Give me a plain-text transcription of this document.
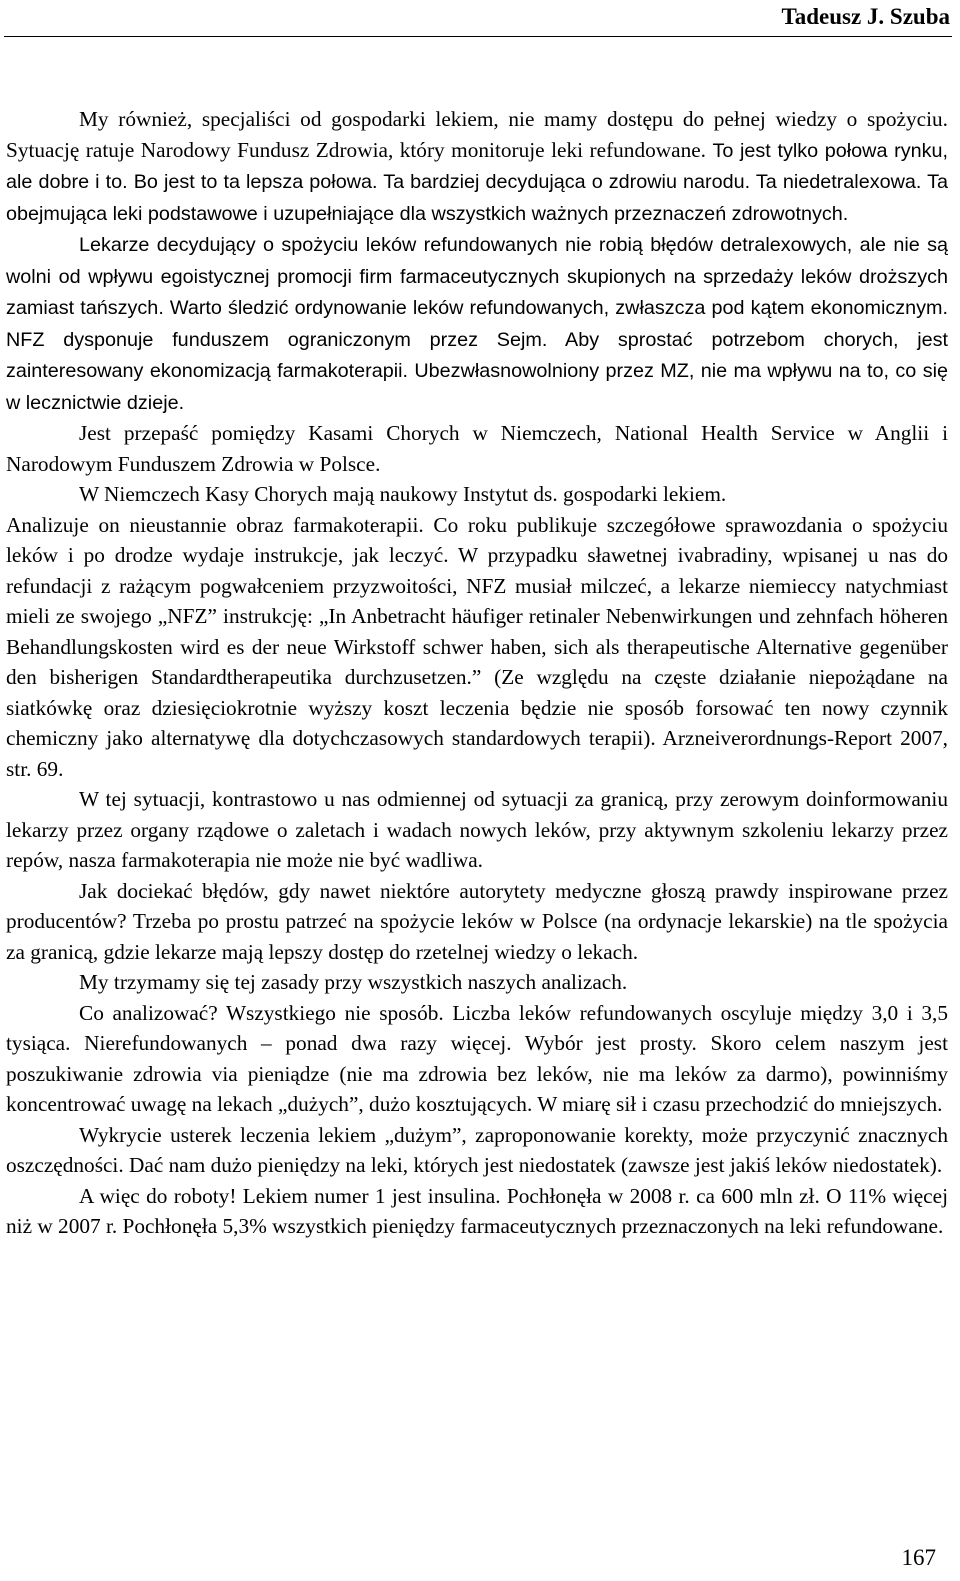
Tadeusz J. Szuba

My również, specjaliści od gospodarki lekiem, nie mamy dostępu do pełnej wiedzy o spożyciu. Sytuację ratuje Narodowy Fundusz Zdrowia, który monitoruje leki refundowane. To jest tylko połowa rynku, ale dobre i to. Bo jest to ta lepsza połowa. Ta bardziej decydująca o zdrowiu narodu. Ta niedetralexowa. Ta obejmująca leki podstawowe i uzupełniające dla wszystkich ważnych przeznaczeń zdrowotnych.

Lekarze decydujący o spożyciu leków refundowanych nie robią błędów detralexowych, ale nie są wolni od wpływu egoistycznej promocji firm farmaceutycznych skupionych na sprzedaży leków droższych zamiast tańszych. Warto śledzić ordynowanie leków refundowanych, zwłaszcza pod kątem ekonomicznym. NFZ dysponuje funduszem ograniczonym przez Sejm. Aby sprostać potrzebom chorych, jest zainteresowany ekonomizacją farmakoterapii. Ubezwłasnowolniony przez MZ, nie ma wpływu na to, co się w lecznictwie dzieje.

Jest przepaść pomiędzy Kasami Chorych w Niemczech, National Health Service w Anglii i Narodowym Funduszem Zdrowia w Polsce.

W Niemczech Kasy Chorych mają naukowy Instytut ds. gospodarki lekiem.

Analizuje on nieustannie obraz farmakoterapii. Co roku publikuje szczegółowe sprawozdania o spożyciu leków i po drodze wydaje instrukcje, jak leczyć. W przypadku sławetnej ivabradiny, wpisanej u nas do refundacji z rażącym pogwałceniem przyzwoitości, NFZ musiał milczeć, a lekarze niemieccy natychmiast mieli ze swojego „NFZ” instrukcję: „In Anbetracht häufiger retinaler Nebenwirkungen und zehnfach höheren Behandlungskosten wird es der neue Wirkstoff schwer haben, sich als therapeutische Alternative gegenüber den bisherigen Standardtherapeutika durchzusetzen.” (Ze względu na częste działanie niepożądane na siatkówkę oraz dziesięciokrotnie wyższy koszt leczenia będzie nie sposób forsować ten nowy czynnik chemiczny jako alternatywę dla dotychczasowych standardowych terapii). Arzneiverordnungs-Report 2007, str. 69.

W tej sytuacji, kontrastowo u nas odmiennej od sytuacji za granicą, przy zerowym doinformowaniu lekarzy przez organy rządowe o zaletach i wadach nowych leków, przy aktywnym szkoleniu lekarzy przez repów, nasza farmakoterapia nie może nie być wadliwa.

Jak dociekać błędów, gdy nawet niektóre autorytety medyczne głoszą prawdy inspirowane przez producentów? Trzeba po prostu patrzeć na spożycie leków w Polsce (na ordynacje lekarskie) na tle spożycia za granicą, gdzie lekarze mają lepszy dostęp do rzetelnej wiedzy o lekach.

My trzymamy się tej zasady przy wszystkich naszych analizach.

Co analizować? Wszystkiego nie sposób. Liczba leków refundowanych oscyluje między 3,0 i 3,5 tysiąca. Nierefundowanych – ponad dwa razy więcej. Wybór jest prosty. Skoro celem naszym jest poszukiwanie zdrowia via pieniądze (nie ma zdrowia bez leków, nie ma leków za darmo), powinniśmy koncentrować uwagę na lekach „dużych”, dużo kosztujących. W miarę sił i czasu przechodzić do mniejszych.

Wykrycie usterek leczenia lekiem „dużym”, zaproponowanie korekty, może przyczynić znacznych oszczędności. Dać nam dużo pieniędzy na leki, których jest niedostatek (zawsze jest jakiś leków niedostatek).

A więc do roboty! Lekiem numer 1 jest insulina. Pochłonęła w 2008 r. ca 600 mln zł. O 11% więcej niż w 2007 r. Pochłonęła 5,3% wszystkich pieniędzy farmaceutycznych przeznaczonych na leki refundowane.

167
